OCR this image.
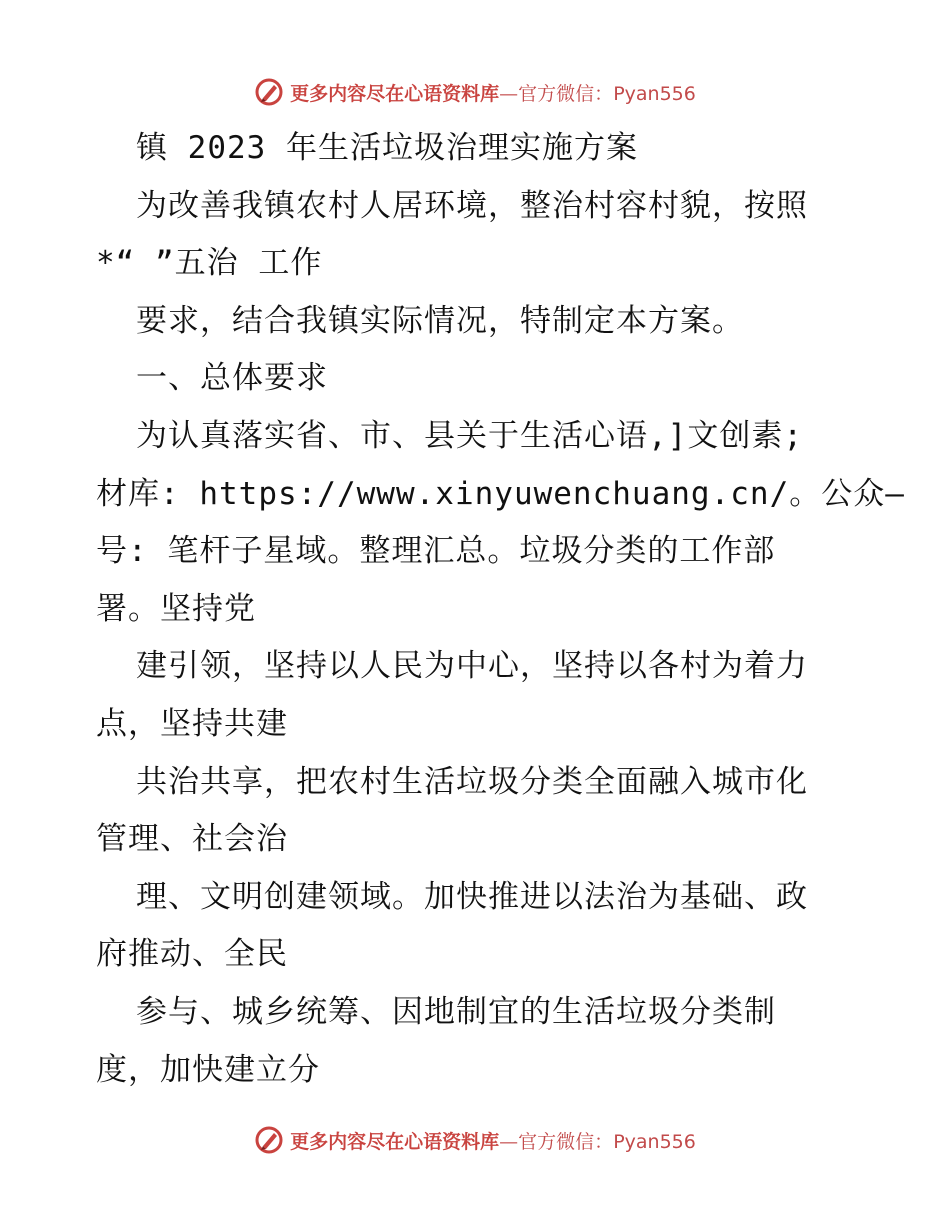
更多内容尽在心语资料库—官方微信：Pyan556
镇 2023 年生活垃圾治理实施方案
为改善我镇农村人居环境，整治村容村貌，按照
*“ ”五治 工作
要求，结合我镇实际情况，特制定本方案。
一、总体要求
为认真落实省、市、县关于生活心语,]文创素;
材库: https://www.xinyuwenchuang.cn/。公众—
号: 笔杆子星域。整理汇总。垃圾分类的工作部
署。坚持党
建引领，坚持以人民为中心，坚持以各村为着力
点，坚持共建
共治共享，把农村生活垃圾分类全面融入城市化
管理、社会治
理、文明创建领域。加快推进以法治为基础、政
府推动、全民
参与、城乡统筹、因地制宜的生活垃圾分类制
度，加快建立分
更多内容尽在心语资料库—官方微信：Pyan556
